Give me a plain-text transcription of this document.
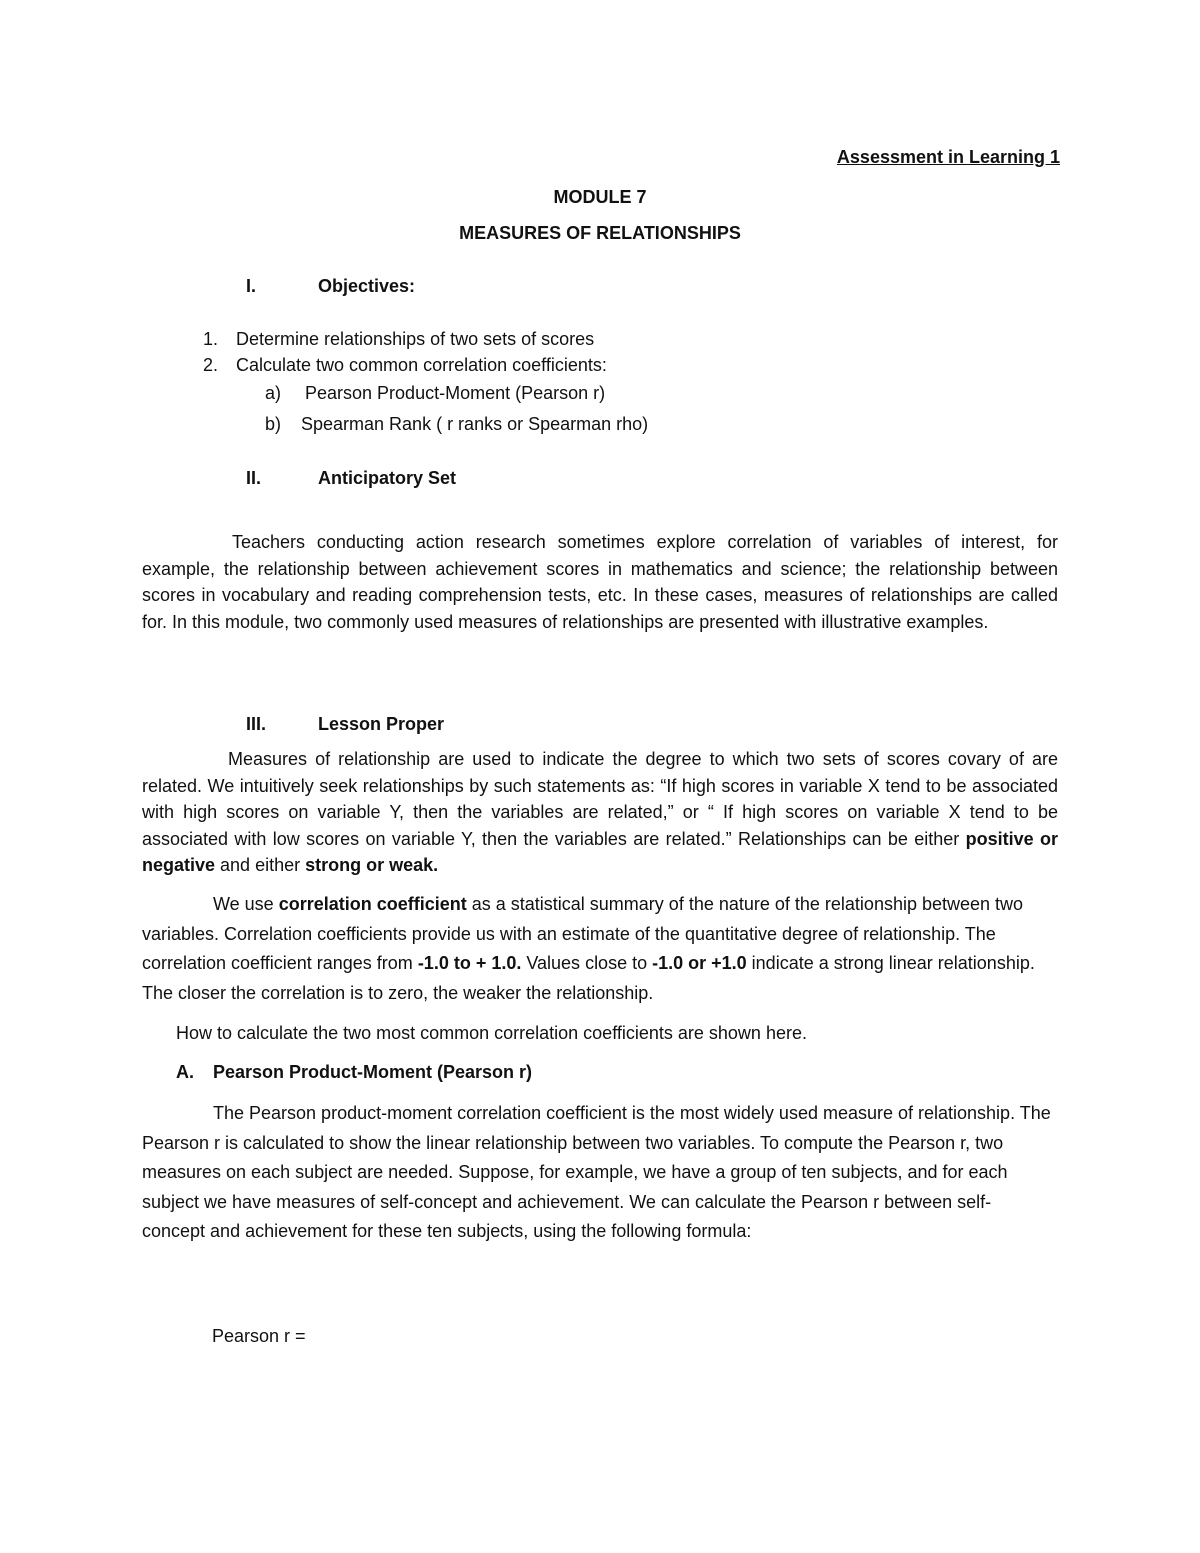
Assessment in Learning 1
MODULE 7
MEASURES OF RELATIONSHIPS
I.	Objectives:
1. Determine relationships of two sets of scores
2. Calculate two common correlation coefficients:
a) Pearson Product-Moment (Pearson r)
b) Spearman Rank ( r ranks or Spearman rho)
II.	Anticipatory Set

Teachers conducting action research sometimes explore correlation of variables of interest, for example, the relationship between achievement scores in mathematics and science; the relationship between scores in vocabulary and reading comprehension tests, etc. In these cases, measures of relationships are called for. In this module, two commonly used measures of relationships are presented with illustrative examples.

III.	Lesson Proper

Measures of relationship are used to indicate the degree to which two sets of scores covary of are related. We intuitively seek relationships by such statements as: “If high scores in variable X tend to be associated with high scores on variable Y, then the variables are related,” or “ If high scores on variable X tend to be associated with low scores on variable Y, then the variables are related.” Relationships can be either positive or negative and either strong or weak.

We use correlation coefficient as a statistical summary of the nature of the relationship between two variables. Correlation coefficients provide us with an estimate of the quantitative degree of relationship. The correlation coefficient ranges from -1.0 to + 1.0. Values close to -1.0 or +1.0 indicate a strong linear relationship. The closer the correlation is to zero, the weaker the relationship.

How to calculate the two most common correlation coefficients are shown here.
A. Pearson Product-Moment (Pearson r)

The Pearson product-moment correlation coefficient is the most widely used measure of relationship. The Pearson r is calculated to show the linear relationship between two variables. To compute the Pearson r, two measures on each subject are needed. Suppose, for example, we have a group of ten subjects, and for each subject we have measures of self-concept and achievement. We can calculate the Pearson r between self-concept and achievement for these ten subjects, using the following formula:

Pearson r =
